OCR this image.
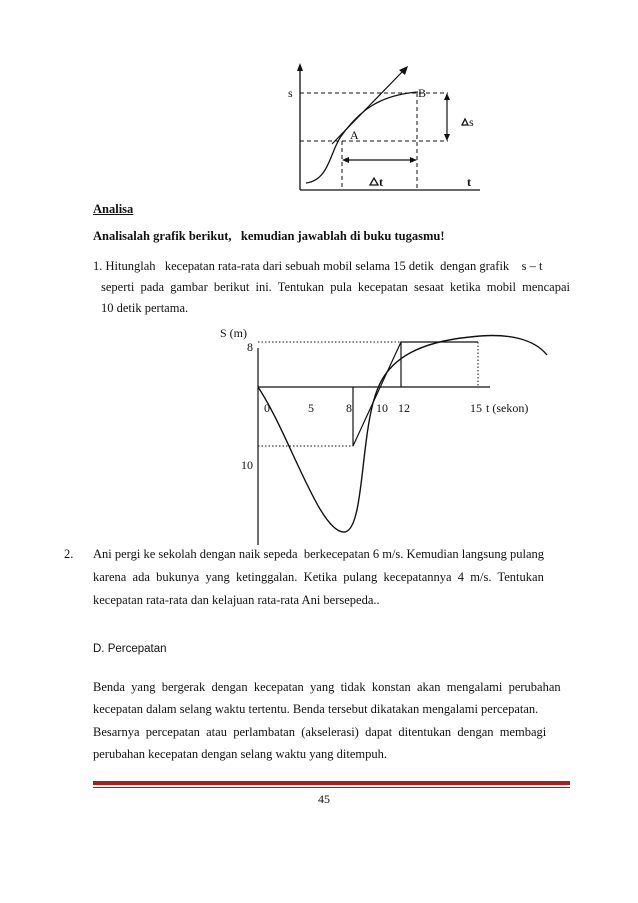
s	B
A
s
t	t
Analisa
Analisalah grafik berikut,   kemudian jawablah di buku tugasmu!
1. Hitunglah   kecepatan rata-rata dari sebuah mobil selama 15 detik  dengan grafik    s – t
seperti pada gambar berikut ini. Tentukan pula kecepatan sesaat ketika mobil mencapai
10 detik pertama.
S (m)
8
10
0	5	8 10 12	15 t (sekon)
2. Ani pergi ke sekolah dengan naik sepeda  berkecepatan 6 m/s. Kemudian langsung pulang
karena  ada  bukunya  yang  ketinggalan.  Ketika  pulang  kecepatannya  4  m/s.  Tentukan
kecepatan rata-rata dan kelajuan rata-rata Ani bersepeda..
D. Percepatan
Benda  yang  bergerak  dengan  kecepatan  yang  tidak  konstan  akan  mengalami  perubahan
kecepatan dalam selang waktu tertentu. Benda tersebut dikatakan mengalami percepatan.
Besarnya  percepatan  atau  perlambatan  (akselerasi)  dapat  ditentukan  dengan  membagi
perubahan kecepatan dengan selang waktu yang ditempuh.
45
